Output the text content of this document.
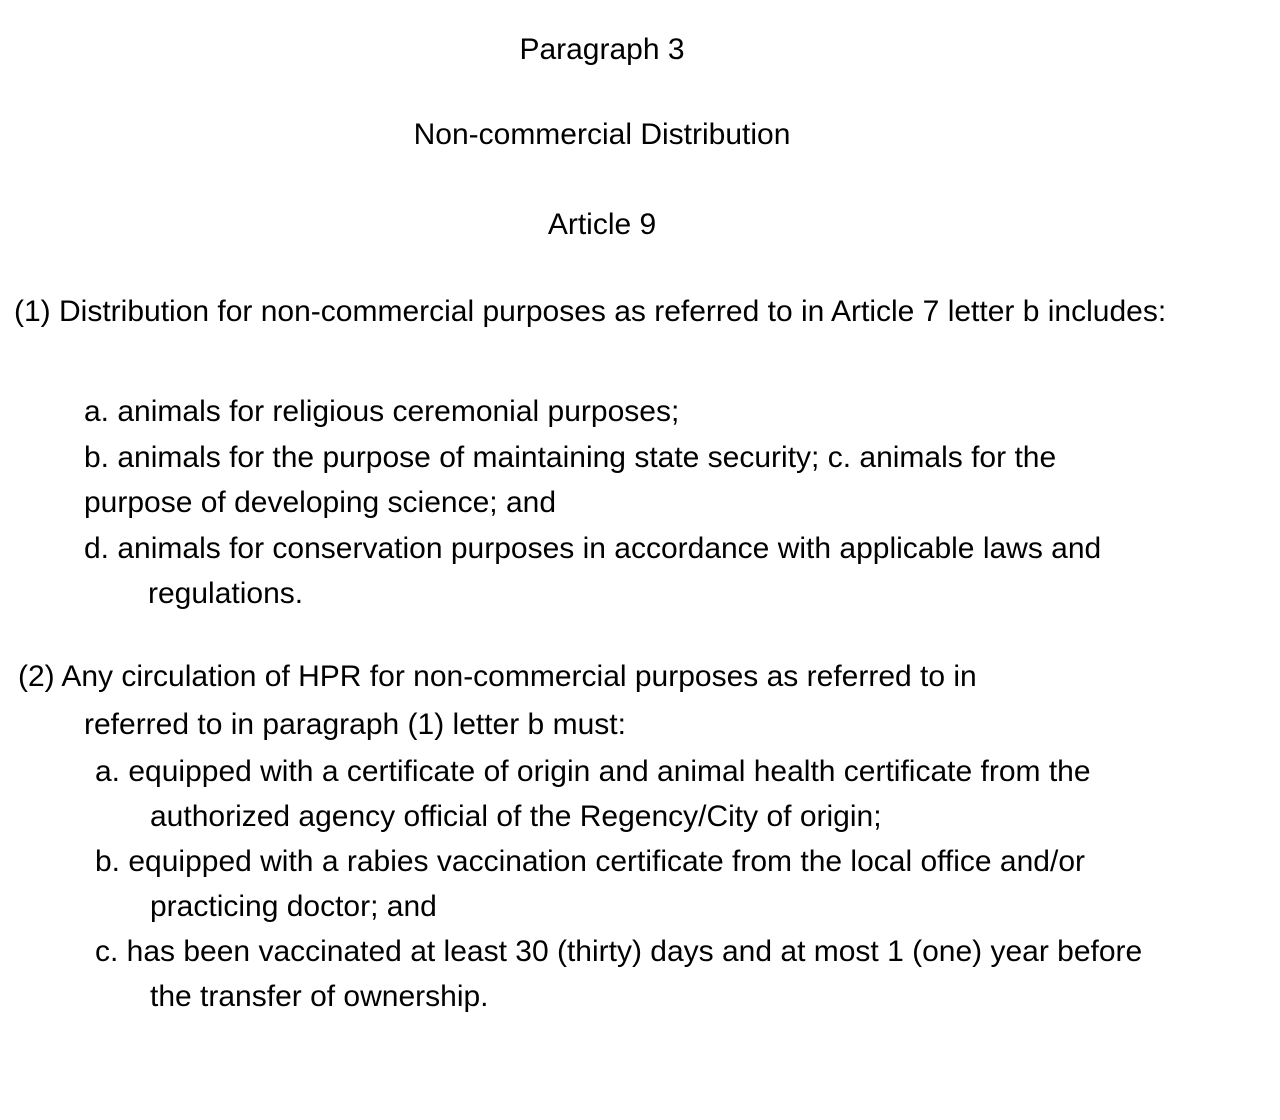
Paragraph 3
Non-commercial Distribution
Article 9
(1) Distribution for non-commercial purposes as referred to in Article 7 letter b includes:
a. animals for religious ceremonial purposes;
b. animals for the purpose of maintaining state security; c. animals for the
purpose of developing science; and
d. animals for conservation purposes in accordance with applicable laws and
regulations.
(2) Any circulation of HPR for non-commercial purposes as referred to in
referred to in paragraph (1) letter b must:
a. equipped with a certificate of origin and animal health certificate from the
authorized agency official of the Regency/City of origin;
b. equipped with a rabies vaccination certificate from the local office and/or
practicing doctor; and
c. has been vaccinated at least 30 (thirty) days and at most 1 (one) year before
the transfer of ownership.
